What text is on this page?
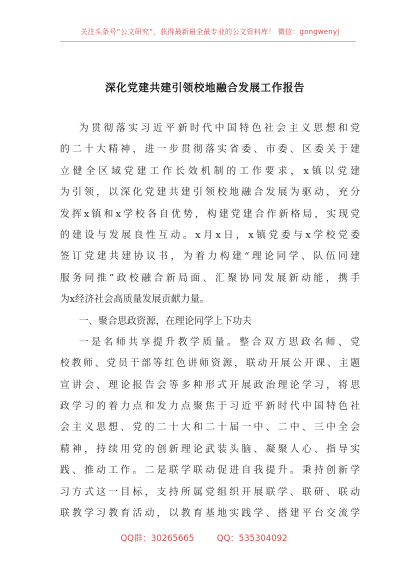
关注头条号“公文研究”，获得最新最全最专业的公文资料库！ 微信：gongwenyj
深化党建共建引领校地融合发展工作报告
为贯彻落实习近平新时代中国特色社会主义思想和党
的二十大精神，进一步贯彻落实省委、市委、区委关于建
立健全区域党建工作长效机制的工作要求，x镇以党建
为引领，以深化党建共建引领校地融合发展为驱动，充分
发挥x镇和x学校各自优势，构建党建合作新格局，实现党
的建设与发展良性互动。x月x日，x镇党委与x学校党委
签订党建共建协议书，为着力构建“理论同学、队伍同建
服务同推”政校融合新局面、汇聚协同发展新动能，携手
为x经济社会高质量发展贡献力量。
一、聚合思政资源，在理论同学上下功夫
一是名师共享提升教学质量。整合双方思政名师、党
校教师、党员干部等红色讲师资源，联动开展公开课、主题
宣讲会、理论报告会等多种形式开展政治理论学习，将思
政学习的着力点和发力点聚焦于习近平新时代中国特色社
会主义思想、党的二十大和二十届一中、二中、三中全会
精神，持续用党的创新理论武装头脑、凝聚人心、指导实
践、推动工作。二是联学联动促进自我提升。秉持创新学
习方式这一目标，支持所属党组织开展联学、联研、联动
联教学习教育活动，以教育基地实践学、搭建平台交流学
QQ群：30265665	QQ：535304092
